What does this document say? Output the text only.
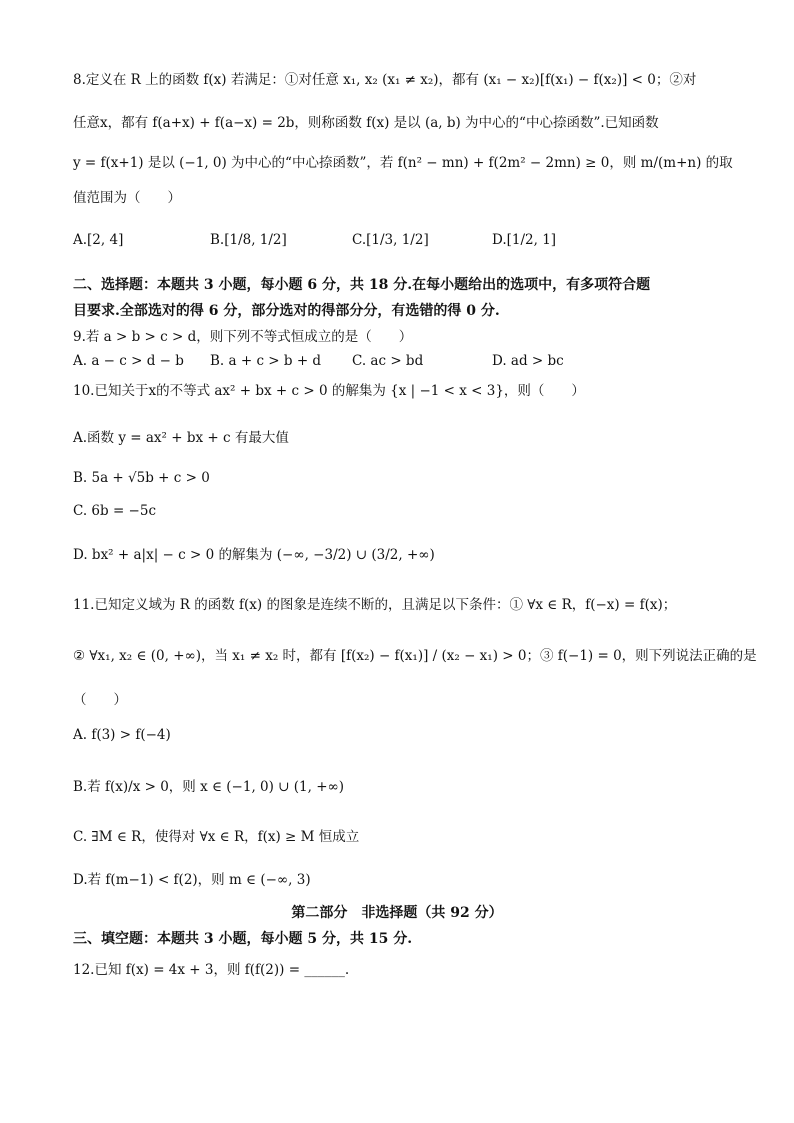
8.定义在 R 上的函数 f(x) 若满足：①对任意 x₁, x₂ (x₁ ≠ x₂)，都有 (x₁ − x₂)[f(x₁) − f(x₂)] < 0；②对
任意x，都有 f(a+x) + f(a−x) = 2b，则称函数 f(x) 是以 (a, b) 为中心的“中心捺函数”.已知函数
y = f(x+1) 是以 (−1, 0) 为中心的“中心捺函数”，若 f(n² − mn) + f(2m² − 2mn) ≥ 0，则 m/(m+n) 的取
值范围为（　　）
A.[2, 4]	B.[1/8, 1/2]	C.[1/3, 1/2]	D.[1/2, 1]
二、选择题：本题共 3 小题，每小题 6 分，共 18 分.在每小题给出的选项中，有多项符合题
目要求.全部选对的得 6 分，部分选对的得部分分，有选错的得 0 分.
9.若 a > b > c > d，则下列不等式恒成立的是（　　）
A. a − c > d − b B. a + c > b + d C. ac > bd	D. ad > bc
10.已知关于x的不等式 ax² + bx + c > 0 的解集为 {x | −1 < x < 3}，则（　　）
A.函数 y = ax² + bx + c 有最大值
B. 5a + √5b + c > 0
C. 6b = −5c
D. bx² + a|x| − c > 0 的解集为 (−∞, −3/2) ∪ (3/2, +∞)
11.已知定义域为 R 的函数 f(x) 的图象是连续不断的，且满足以下条件：① ∀x ∈ R，f(−x) = f(x)；
② ∀x₁, x₂ ∈ (0, +∞)，当 x₁ ≠ x₂ 时，都有 [f(x₂) − f(x₁)] / (x₂ − x₁) > 0；③ f(−1) = 0，则下列说法正确的是
（　　）
A. f(3) > f(−4)
B.若 f(x)/x > 0，则 x ∈ (−1, 0) ∪ (1, +∞)
C. ∃M ∈ R，使得对 ∀x ∈ R，f(x) ≥ M 恒成立
D.若 f(m−1) < f(2)，则 m ∈ (−∞, 3)
第二部分　非选择题（共 92 分）
三、填空题：本题共 3 小题，每小题 5 分，共 15 分.
12.已知 f(x) = 4x + 3，则 f(f(2)) = ______.
